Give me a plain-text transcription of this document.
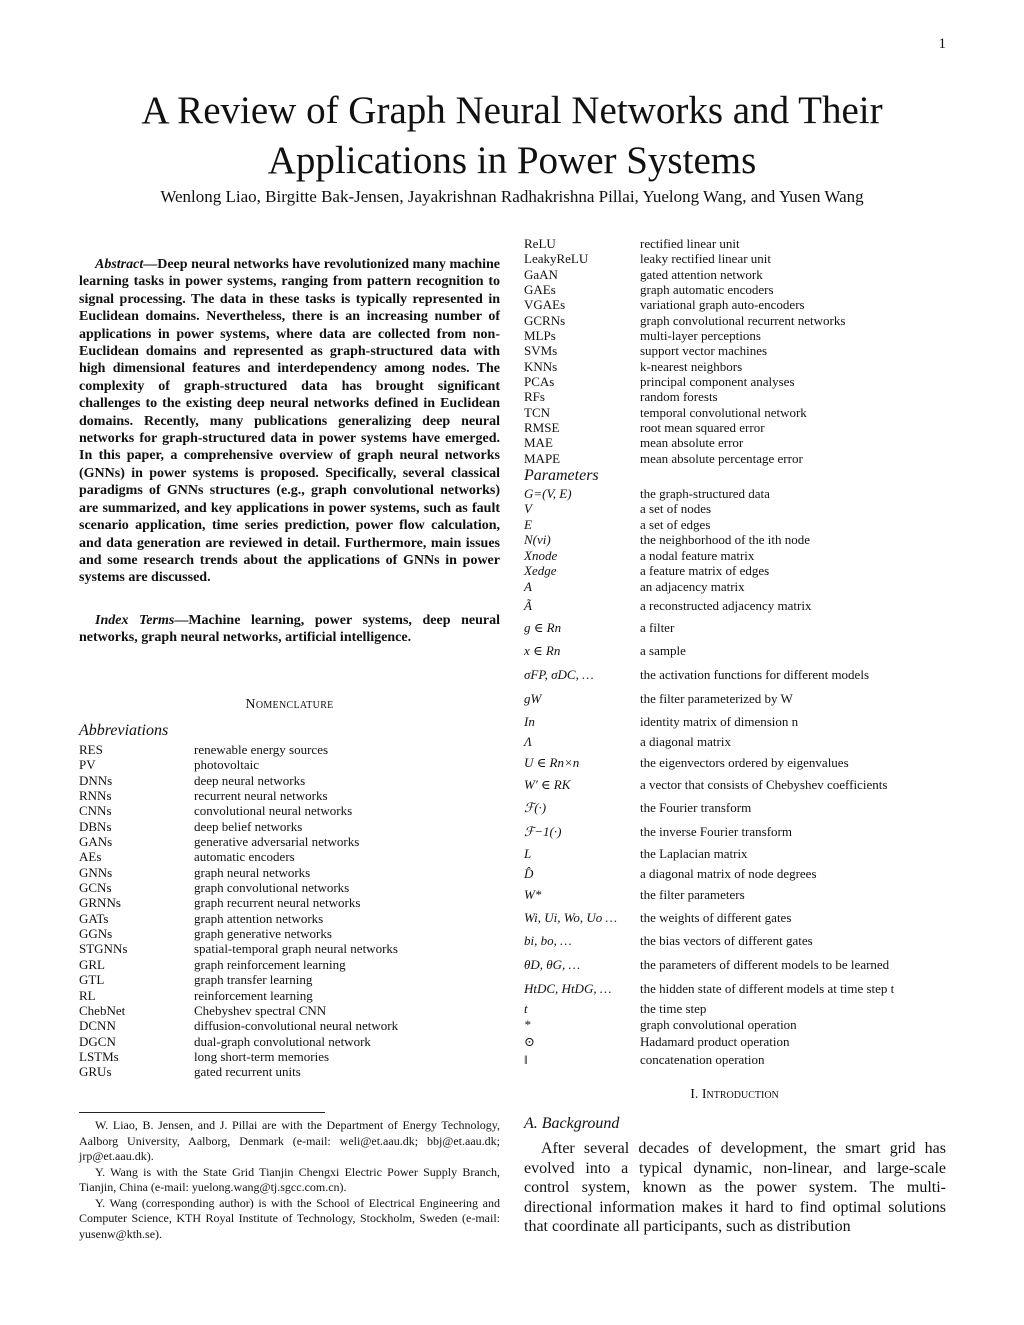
1
A Review of Graph Neural Networks and Their
Applications in Power Systems
Wenlong Liao, Birgitte Bak-Jensen, Jayakrishnan Radhakrishna Pillai, Yuelong Wang, and Yusen Wang

Abstract—Deep neural networks have revolutionized many machine learning tasks in power systems, ranging from pattern recognition to signal processing. The data in these tasks is typically represented in Euclidean domains. Nevertheless, there is an increasing number of applications in power systems, where data are collected from non-Euclidean domains and represented as graph-structured data with high dimensional features and interdependency among nodes. The complexity of graph-structured data has brought significant challenges to the existing deep neural networks defined in Euclidean domains. Recently, many publications generalizing deep neural networks for graph-structured data in power systems have emerged. In this paper, a comprehensive overview of graph neural networks (GNNs) in power systems is proposed. Specifically, several classical paradigms of GNNs structures (e.g., graph convolutional networks) are summarized, and key applications in power systems, such as fault scenario application, time series prediction, power flow calculation, and data generation are reviewed in detail. Furthermore, main issues and some research trends about the applications of GNNs in power systems are discussed.

Index Terms—Machine learning, power systems, deep neural networks, graph neural networks, artificial intelligence.

Nomenclature
Abbreviations
RES	renewable energy sources
PV	photovoltaic
DNNs	deep neural networks
RNNs	recurrent neural networks
CNNs	convolutional neural networks
DBNs	deep belief networks
GANs	generative adversarial networks
AEs	automatic encoders
GNNs	graph neural networks
GCNs	graph convolutional networks
GRNNs	graph recurrent neural networks
GATs	graph attention networks
GGNs	graph generative networks
STGNNs	spatial-temporal graph neural networks
GRL	graph reinforcement learning
GTL	graph transfer learning
RL	reinforcement learning
ChebNet	Chebyshev spectral CNN
DCNN	diffusion-convolutional neural network
DGCN	dual-graph convolutional network
LSTMs	long short-term memories
GRUs	gated recurrent units

W. Liao, B. Jensen, and J. Pillai are with the Department of Energy Technology, Aalborg University, Aalborg, Denmark (e-mail: weli@et.aau.dk; bbj@et.aau.dk; jrp@et.aau.dk).

Y. Wang is with the State Grid Tianjin Chengxi Electric Power Supply Branch, Tianjin, China (e-mail: yuelong.wang@tj.sgcc.com.cn).

Y. Wang (corresponding author) is with the School of Electrical Engineering and Computer Science, KTH Royal Institute of Technology, Stockholm, Sweden (e-mail: yusenw@kth.se).

ReLU	rectified linear unit
LeakyReLU	leaky rectified linear unit
GaAN	gated attention network
GAEs	graph automatic encoders
VGAEs	variational graph auto-encoders
GCRNs	graph convolutional recurrent networks
MLPs	multi-layer perceptions
SVMs	support vector machines
KNNs	k-nearest neighbors
PCAs	principal component analyses
RFs	random forests
TCN	temporal convolutional network
RMSE	root mean squared error
MAE	mean absolute error
MAPE	mean absolute percentage error
Parameters
G=(V, E)	the graph-structured data
V	a set of nodes
E	a set of edges
N(vi)	the neighborhood of the ith node
Xnode	a nodal feature matrix
Xedge	a feature matrix of edges
A	an adjacency matrix
Ã	a reconstructed adjacency matrix
g ∈ Rn	a filter
x ∈ Rn	a sample
σFP, σDC, …	the activation functions for different models
gW	the filter parameterized by W
In	identity matrix of dimension n
Λ	a diagonal matrix
U ∈ Rn×n	the eigenvectors ordered by eigenvalues
W′ ∈ RK	a vector that consists of Chebyshev coefficients
ℱ(·)	the Fourier transform
ℱ−1(·)	the inverse Fourier transform
L	the Laplacian matrix
D̂	a diagonal matrix of node degrees
W*	the filter parameters
Wi, Ui, Wo, Uo …	the weights of different gates
bi, bo, …	the bias vectors of different gates
θD, θG, …	the parameters of different models to be learned
HtDC, HtDG, …	the hidden state of different models at time step t
t	the time step
*	graph convolutional operation
⊙	Hadamard product operation
‖	concatenation operation
I. Introduction
A. Background

After several decades of development, the smart grid has evolved into a typical dynamic, non-linear, and large-scale control system, known as the power system. The multi-directional information makes it hard to find optimal solutions that coordinate all participants, such as distribution
